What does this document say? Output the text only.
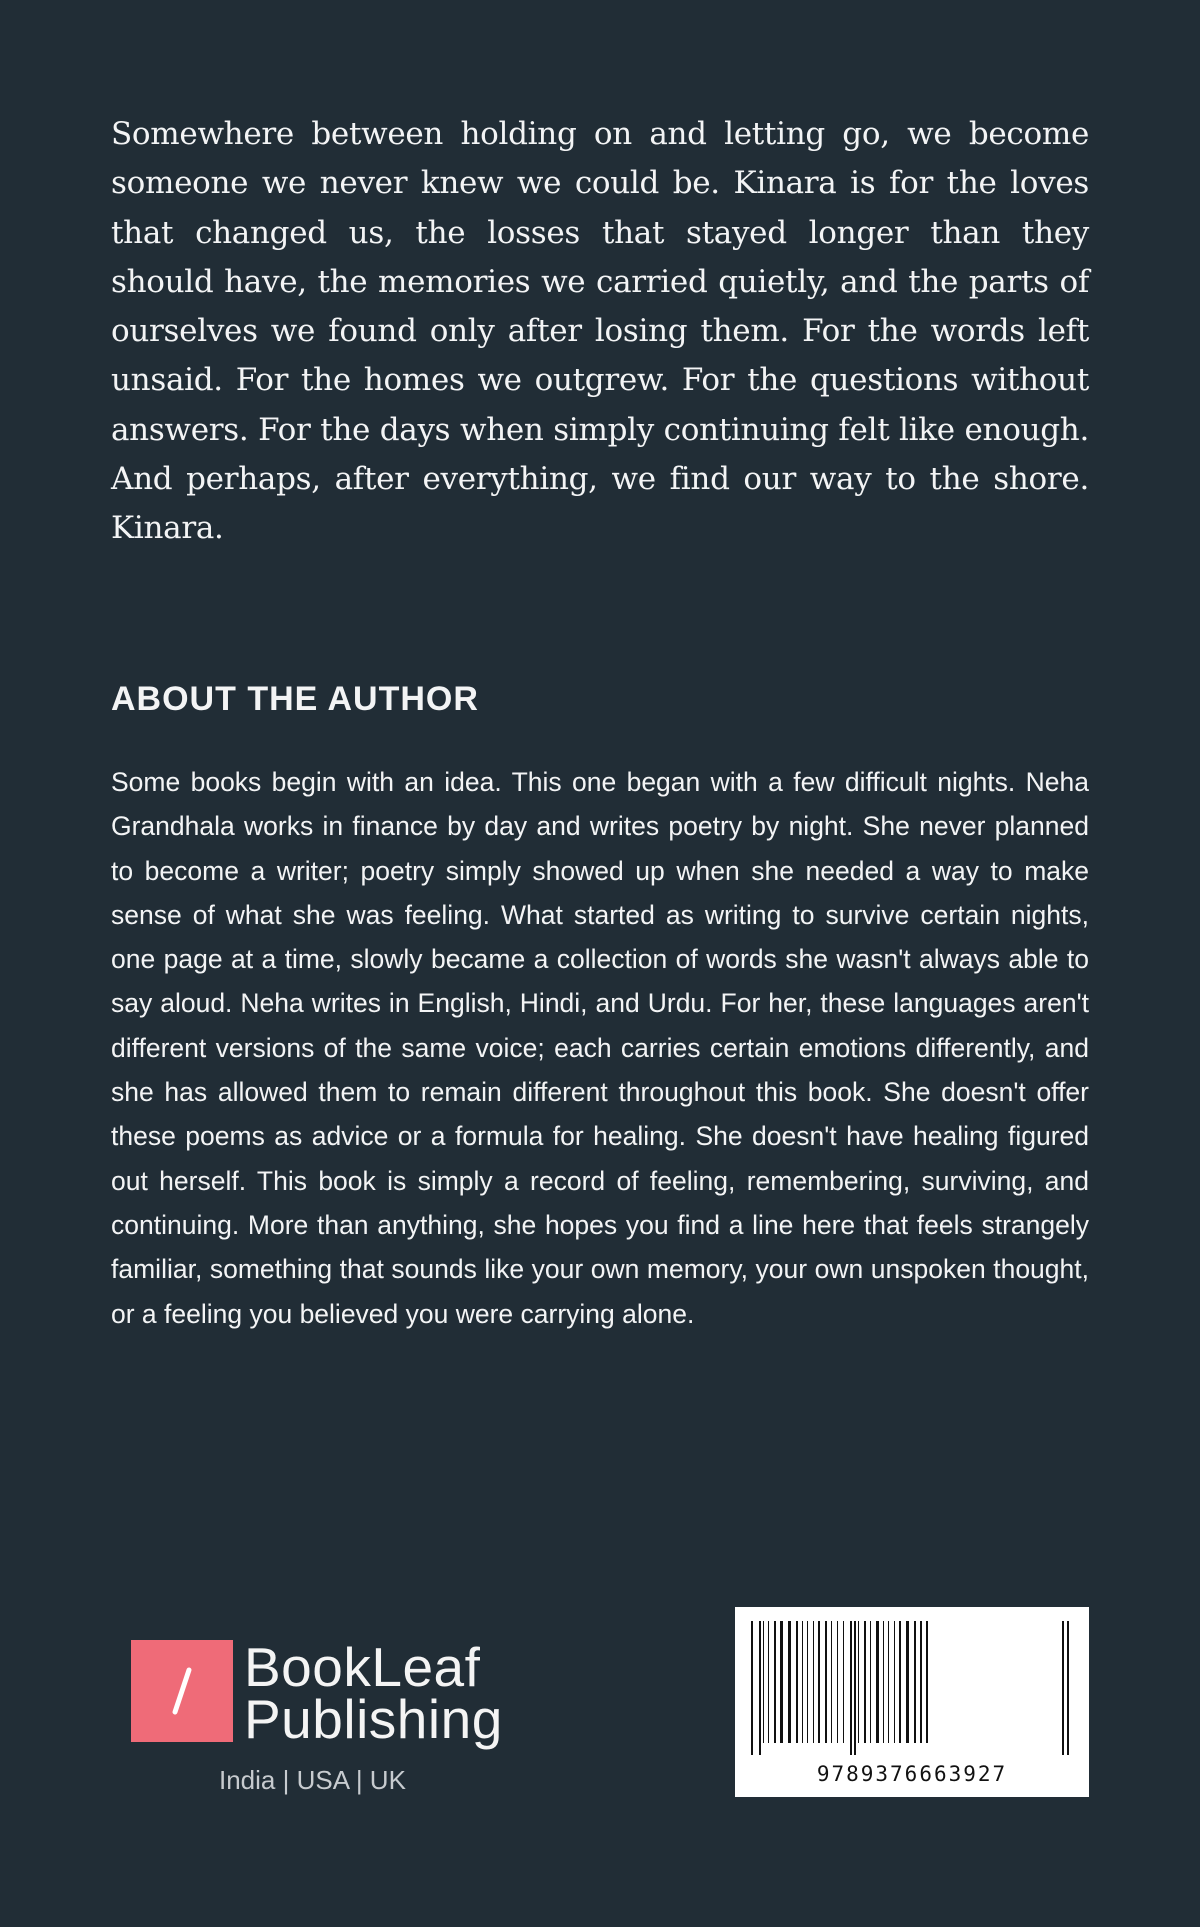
Somewhere between holding on and letting go, we become someone we never knew we could be. Kinara is for the loves that changed us, the losses that stayed longer than they should have, the memories we carried quietly, and the parts of ourselves we found only after losing them. For the words left unsaid. For the homes we outgrew. For the questions without answers. For the days when simply continuing felt like enough. And perhaps, after everything, we find our way to the shore. Kinara.

ABOUT THE AUTHOR

Some books begin with an idea. This one began with a few difficult nights. Neha Grandhala works in finance by day and writes poetry by night. She never planned to become a writer; poetry simply showed up when she needed a way to make sense of what she was feeling. What started as writing to survive certain nights, one page at a time, slowly became a collection of words she wasn't always able to say aloud. Neha writes in English, Hindi, and Urdu. For her, these languages aren't different versions of the same voice; each carries certain emotions differently, and she has allowed them to remain different throughout this book. She doesn't offer these poems as advice or a formula for healing. She doesn't have healing figured out herself. This book is simply a record of feeling, remembering, surviving, and continuing. More than anything, she hopes you find a line here that feels strangely familiar, something that sounds like your own memory, your own unspoken thought, or a feeling you believed you were carrying alone.

BookLeaf
Publishing
India | USA | UK	9789376663927
